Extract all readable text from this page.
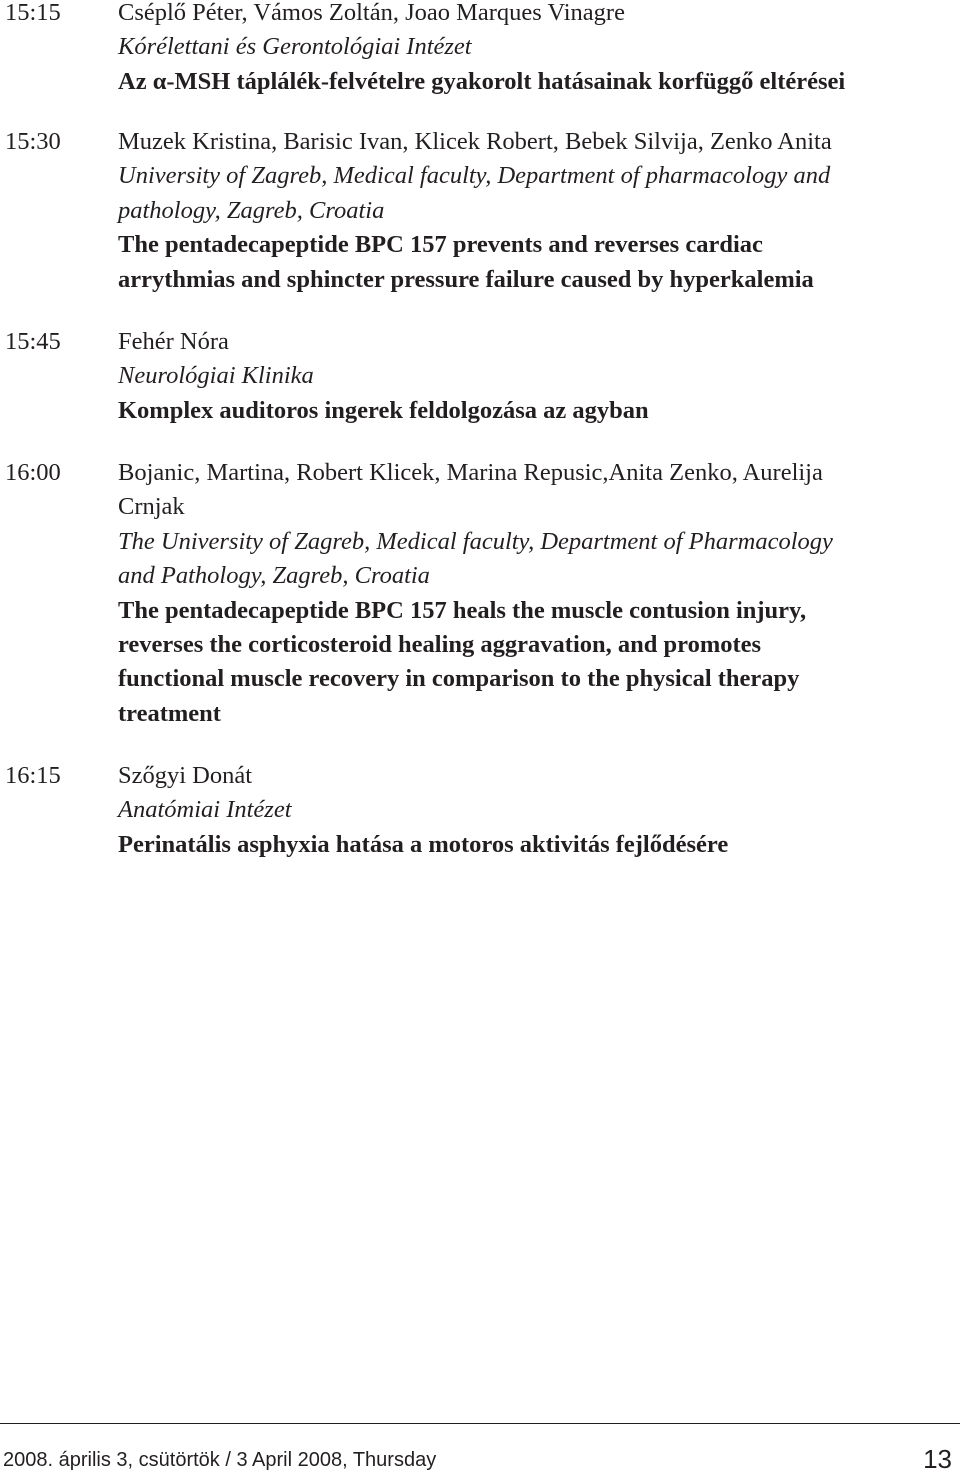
15:15 Cséplő Péter, Vámos Zoltán, Joao Marques Vinagre
Kórélettani és Gerontológiai Intézet
Az α-MSH táplálék-felvételre gyakorolt hatásainak korfüggő eltérései
15:30 Muzek Kristina, Barisic Ivan, Klicek Robert, Bebek Silvija, Zenko Anita
University of Zagreb, Medical faculty, Department of pharmacology and
pathology, Zagreb, Croatia
The pentadecapeptide BPC 157 prevents and reverses cardiac
arrythmias and sphincter pressure failure caused by hyperkalemia
15:45 Fehér Nóra
Neurológiai Klinika
Komplex auditoros ingerek feldolgozása az agyban
16:00 Bojanic, Martina, Robert Klicek, Marina Repusic,Anita Zenko, Aurelija
Crnjak
The University of Zagreb, Medical faculty, Department of Pharmacology
and Pathology, Zagreb, Croatia
The pentadecapeptide BPC 157 heals the muscle contusion injury,
reverses the corticosteroid healing aggravation, and promotes
functional muscle recovery in comparison to the physical therapy
treatment
16:15 Szőgyi Donát
Anatómiai Intézet
Perinatális asphyxia hatása a motoros aktivitás fejlődésére
2008. április 3, csütörtök / 3 April 2008, Thursday	13
